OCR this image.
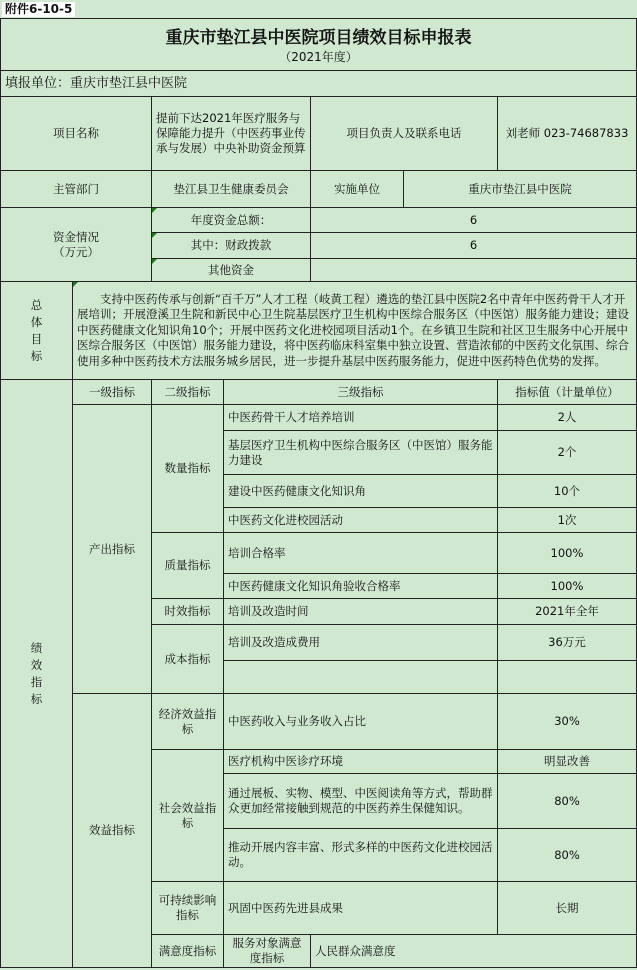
附件6-10-5
重庆市垫江县中医院项目绩效目标申报表
（2021年度）							

填报单位：重庆市垫江县中医院							
项目名称		提前下达2021年医疗服务与保障能力提升（中医药事业传承与发展）中央补助资金预算		项目负责人及联系电话		刘老师 023-74687833	
主管部门		垫江县卫生健康委员会		实施单位	重庆市垫江县中医院		
资金情况
（万元）		年度资金总额：		6			
		其中：财政拨款		6			
		其他资金					
总体目标	支持中医药传承与创新“百千万”人才工程（岐黄工程）遴选的垫江县中医院2名中青年中医药骨干人才开展培训；开展澄溪卫生院和新民中心卫生院基层医疗卫生机构中医综合服务区（中医馆）服务能力建设；建设中医药健康文化知识角10个；开展中医药文化进校园项目活动1个。在乡镇卫生院和社区卫生服务中心开展中医综合服务区（中医馆）服务能力建设，将中医药临床科室集中独立设置、营造浓郁的中医药文化氛围、综合使用多种中医药技术方法服务城乡居民，进一步提升基层中医药服务能力，促进中医药特色优势的发挥。						
绩效指标	一级指标	二级指标	三级指标			指标值（计量单位）	
	产出指标	数量指标	中医药骨干人才培养培训			2人	
			基层医疗卫生机构中医综合服务区（中医馆）服务能力建设			2个	
			建设中医药健康文化知识角			10个	
			中医药文化进校园活动			1次	
		质量指标	培训合格率			100%	
			中医药健康文化知识角验收合格率			100%	
		时效指标	培训及改造时间			2021年全年	
		成本指标	培训及改造成费用			36万元	

	效益指标	经济效益指标	中医药收入与业务收入占比			30%	
		社会效益指标	医疗机构中医诊疗环境			明显改善	
			通过展板、实物、模型、中医阅读角等方式，帮助群众更加经常接触到规范的中医药养生保健知识。			80%	
			推动开展内容丰富、形式多样的中医药文化进校园活动。			80%	
		可持续影响指标	巩固中医药先进县成果			长期	
		满意度指标	服务对象满意度指标	人民群众满意度	
